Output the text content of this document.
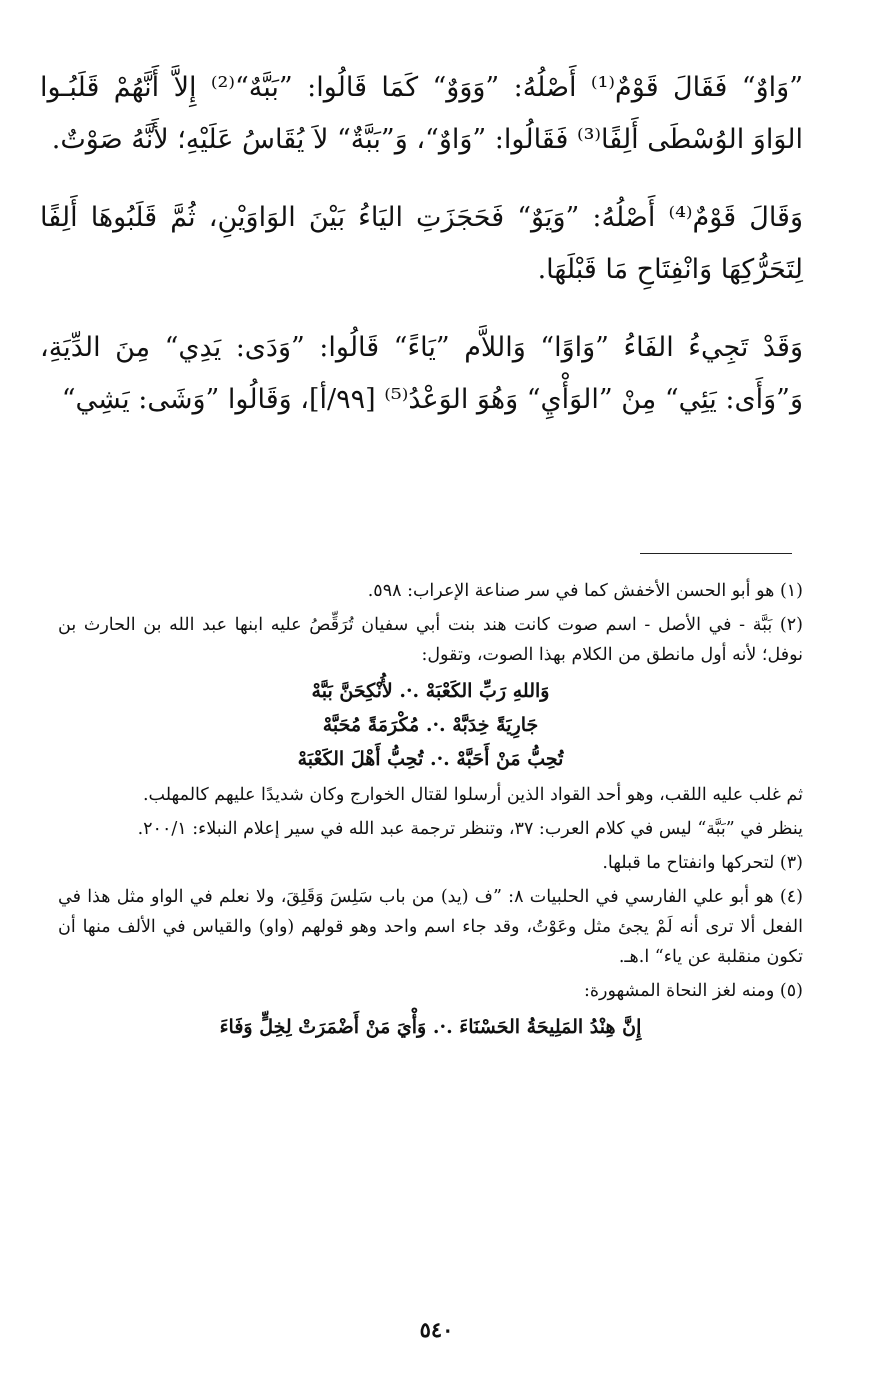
”وَاوٌ“ فَقَالَ قَوْمٌ⁽¹⁾ أَصْلُهُ: ”وَوَوٌ“ كَمَا قَالُوا: ”بَبَّهٌ“⁽²⁾ إِلاَّ أَنَّهُمْ قَلَبُـوا الوَاوَ الوُسْطَى أَلِفًا⁽³⁾ فَقَالُوا: ”وَاوٌ“، وَ”بَبَّةٌ“ لاَ يُقَاسُ عَلَيْهِ؛ لأَنَّهُ صَوْتٌ.

وَقَالَ قَوْمٌ⁽⁴⁾ أَصْلُهُ: ”وَيَوٌ“ فَحَجَزَتِ اليَاءُ بَيْنَ الوَاوَيْنِ، ثُمَّ قَلَبُوهَا أَلِفًا لِتَحَرُّكِهَا وَانْفِتَاحِ مَا قَبْلَهَا.

وَقَدْ تَجِيءُ الفَاءُ ”وَاوًا“ وَاللاَّم ”يَاءً“ قَالُوا: ”وَدَى: يَدِي“ مِنَ الدِّيَةِ، وَ”وَأَى: يَئِي“ مِنْ ”الوَأْيِ“ وَهُوَ الوَعْدُ⁽⁵⁾ [٩٩/أ]، وَقَالُوا ”وَشَى: يَشِي“

(١) هو أبو الحسن الأخفش كما في سر صناعة الإعراب: ٥٩٨.

(٢) بَبَّة - في الأصل - اسم صوت كانت هند بنت أبي سفيان تُرَقِّصُ عليه ابنها عبد الله بن الحارث بن نوفل؛ لأنه أول مانطق من الكلام بهذا الصوت، وتقول:

وَاللهِ رَبِّ الكَعْبَهْ .·. لأُنْكِحَنَّ بَبَّهْ
جَارِيَةً خِدَبَّهْ .·. مُكْرَمَةً مُحَبَّهْ
تُحِبُّ مَنْ أَحَبَّهْ .·. تُحِبُّ أَهْلَ الكَعْبَهْ

ثم غلب عليه اللقب، وهو أحد القواد الذين أرسلوا لقتال الخوارج وكان شديدًا عليهم كالمهلب.

ينظر في ”بَبَّة“ ليس في كلام العرب: ٣٧، وتنظر ترجمة عبد الله في سير إعلام النبلاء: ٢٠٠/١.

(٣) لتحركها وانفتاح ما قبلها.

(٤) هو أبو علي الفارسي في الحلبيات ٨: ”ف (يد) من باب سَلِسَ وَقَلِقَ، ولا نعلم في الواو مثل هذا في الفعل ألا ترى أنه لَمْ يجئ مثل وعَوْتُ، وقد جاء اسم واحد وهو قولهم (واو) والقياس في الألف منها أن تكون منقلبة عن ياء“ ا.هـ.

(٥) ومنه لغز النحاة المشهورة:

إِنَّ هِنْدُ المَلِيحَةُ الحَسْنَاءَ .·. وَأْيَ مَنْ أَضْمَرَتْ لِخِلٍّ وَفَاءَ
٥٤٠
